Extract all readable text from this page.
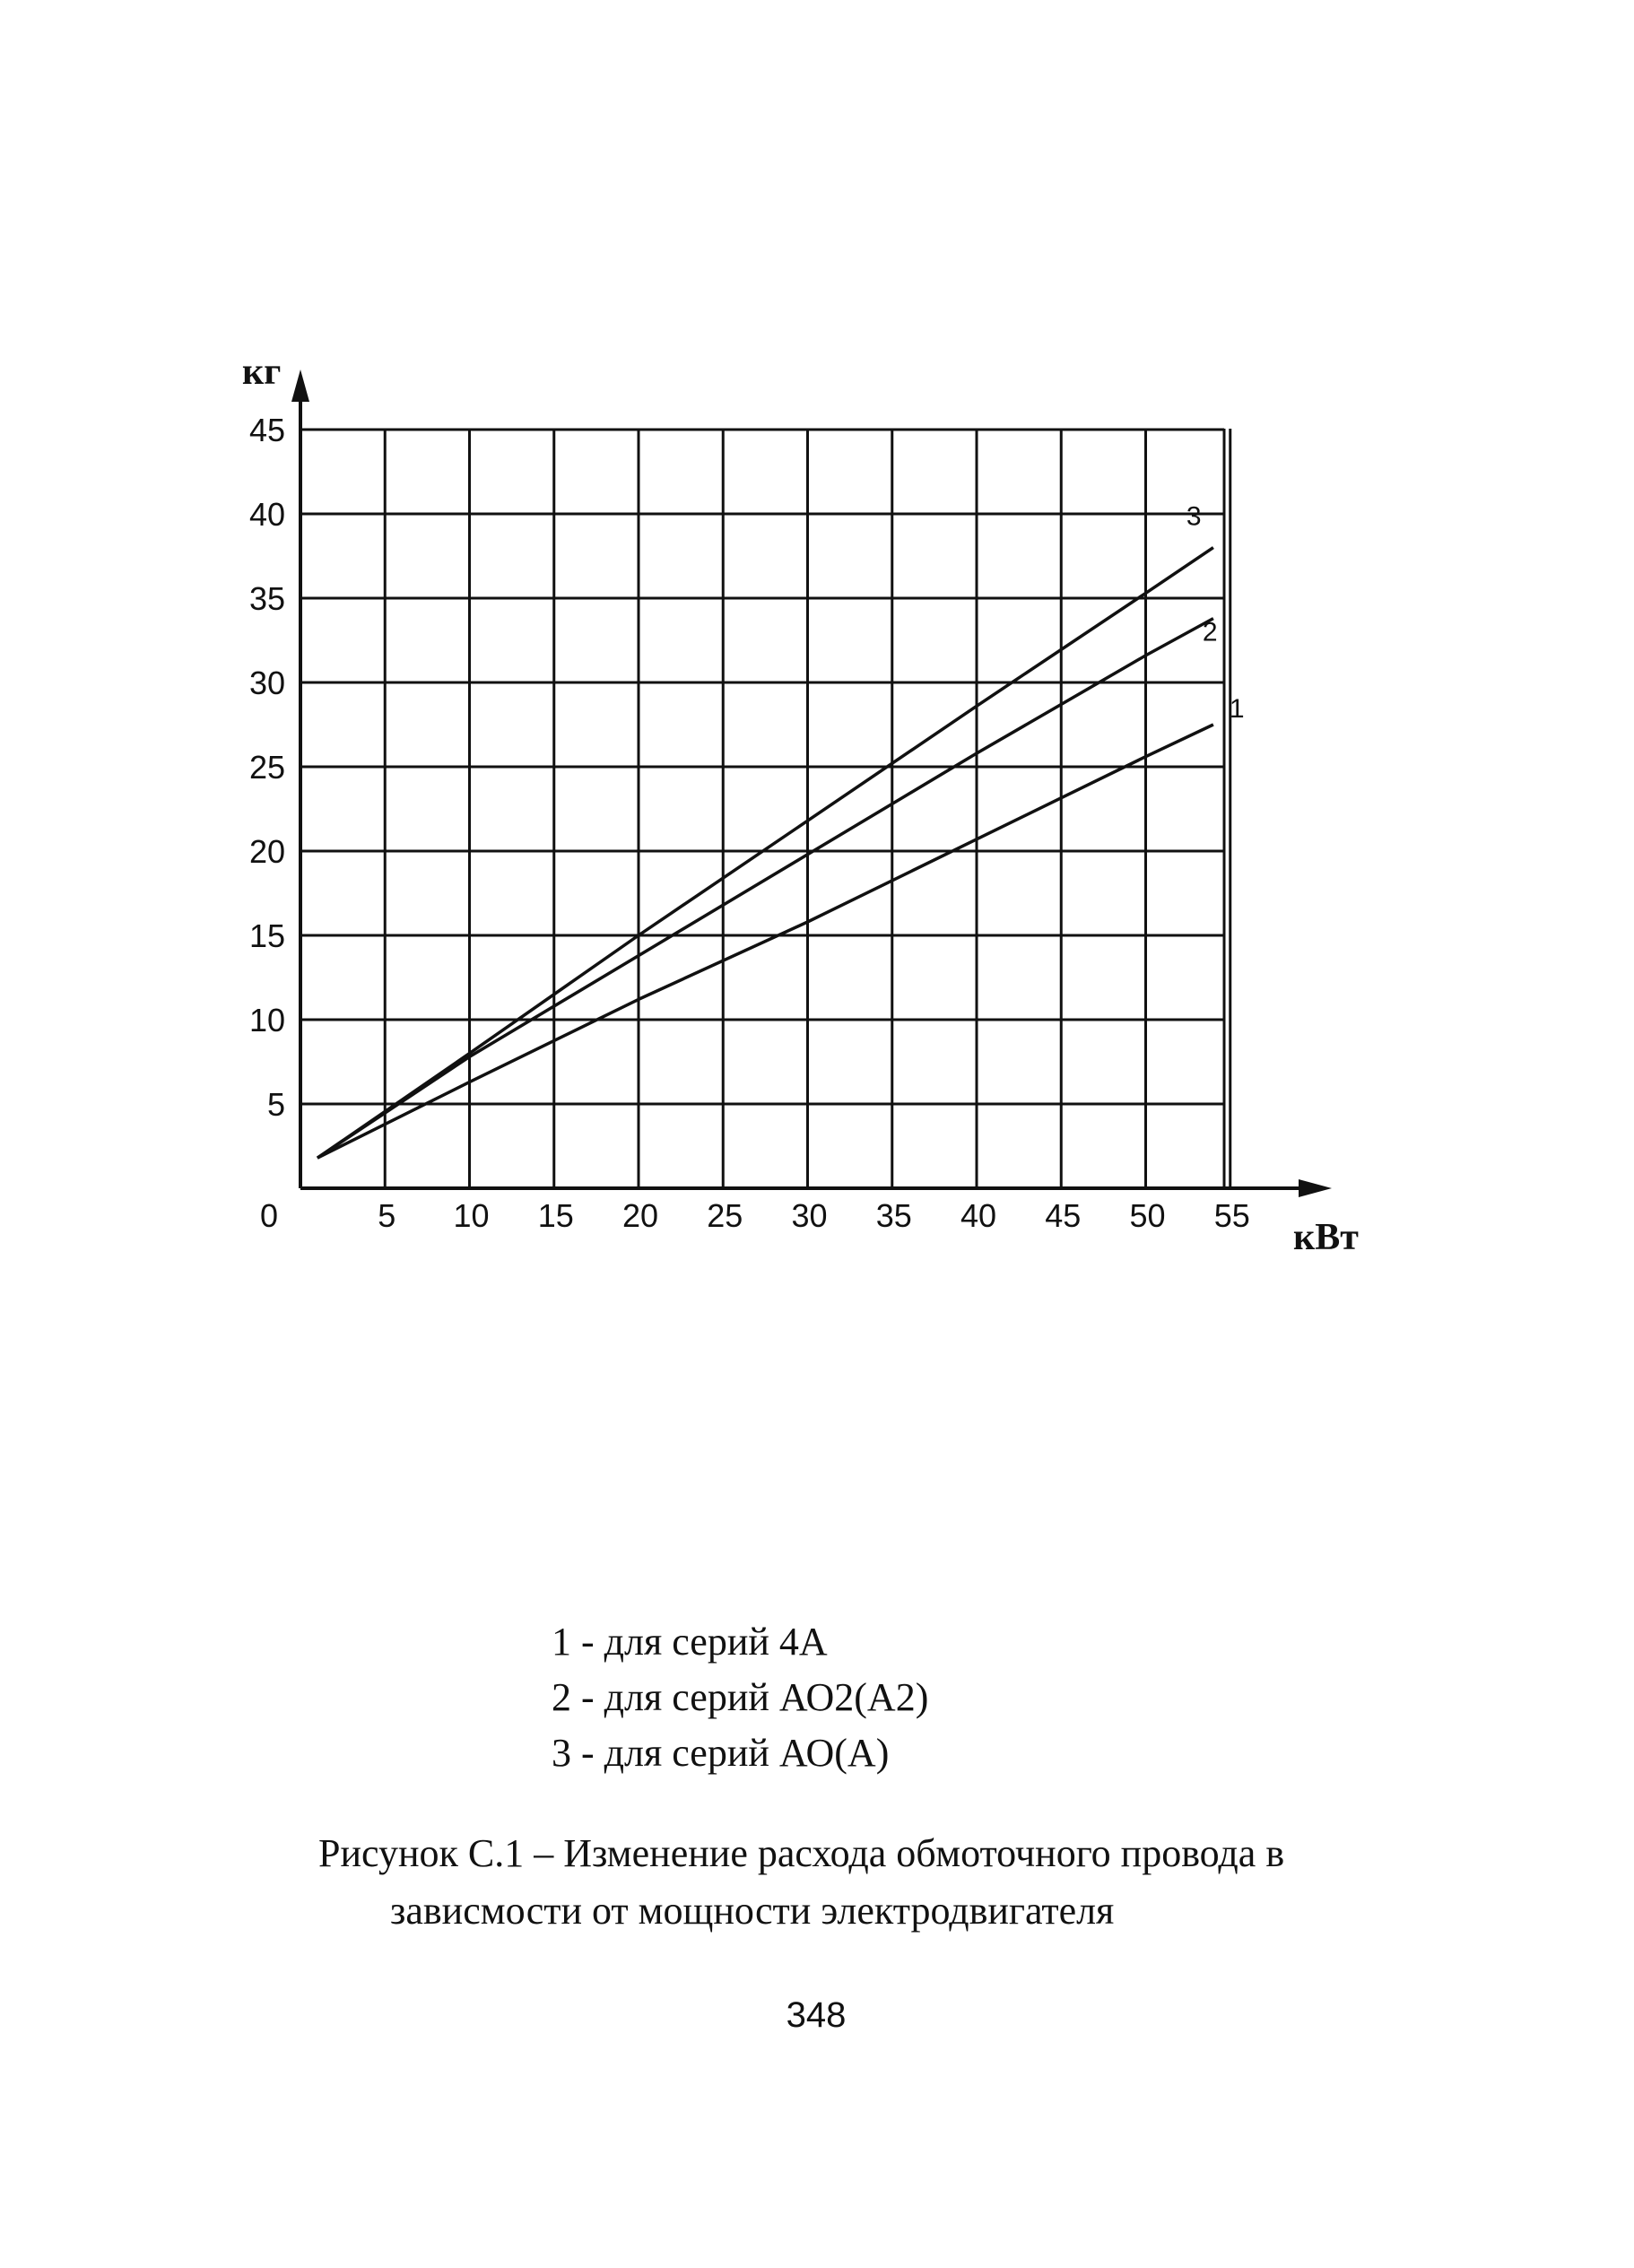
1
2
3
0	5 10 15 20 25 30 35 40 45 50 55
5
10
15
20
25
30
35
40
45
кг
кВт
1 - для серий 4А
2 - для серий АО2(А2)
3 - для серий АО(А)
Рисунок С.1 – Изменение расхода обмоточного провода в
зависмости от мощности электродвигателя
348
